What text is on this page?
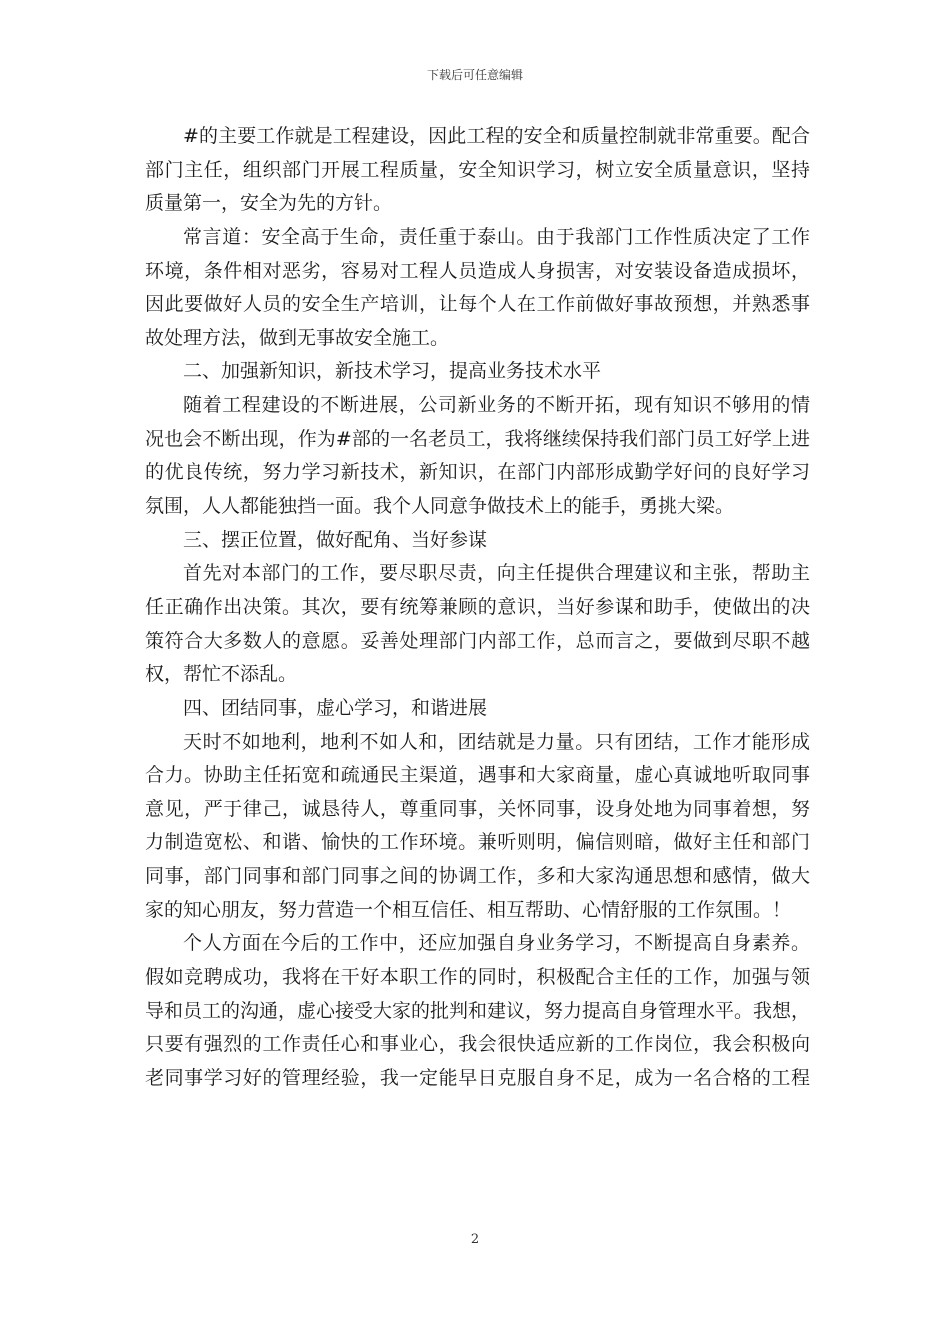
下载后可任意编辑
#的主要工作就是工程建设，因此工程的安全和质量控制就非常重要。配合
部门主任，组织部门开展工程质量，安全知识学习，树立安全质量意识，坚持
质量第一，安全为先的方针。
常言道：安全高于生命，责任重于泰山。由于我部门工作性质决定了工作
环境，条件相对恶劣，容易对工程人员造成人身损害，对安装设备造成损坏，
因此要做好人员的安全生产培训，让每个人在工作前做好事故预想，并熟悉事
故处理方法，做到无事故安全施工。
二、加强新知识，新技术学习，提高业务技术水平
随着工程建设的不断进展，公司新业务的不断开拓，现有知识不够用的情
况也会不断出现，作为#部的一名老员工，我将继续保持我们部门员工好学上进
的优良传统，努力学习新技术，新知识，在部门内部形成勤学好问的良好学习
氛围，人人都能独挡一面。我个人同意争做技术上的能手，勇挑大梁。
三、摆正位置，做好配角、当好参谋
首先对本部门的工作，要尽职尽责，向主任提供合理建议和主张，帮助主
任正确作出决策。其次，要有统筹兼顾的意识，当好参谋和助手，使做出的决
策符合大多数人的意愿。妥善处理部门内部工作，总而言之，要做到尽职不越
权，帮忙不添乱。
四、团结同事，虚心学习，和谐进展
天时不如地利，地利不如人和，团结就是力量。只有团结，工作才能形成
合力。协助主任拓宽和疏通民主渠道，遇事和大家商量，虚心真诚地听取同事
意见，严于律己，诚恳待人，尊重同事，关怀同事，设身处地为同事着想，努
力制造宽松、和谐、愉快的工作环境。兼听则明，偏信则暗，做好主任和部门
同事，部门同事和部门同事之间的协调工作，多和大家沟通思想和感情，做大
家的知心朋友，努力营造一个相互信任、相互帮助、心情舒服的工作氛围。！
个人方面在今后的工作中，还应加强自身业务学习，不断提高自身素养。
假如竞聘成功，我将在干好本职工作的同时，积极配合主任的工作，加强与领
导和员工的沟通，虚心接受大家的批判和建议，努力提高自身管理水平。我想，
只要有强烈的工作责任心和事业心，我会很快适应新的工作岗位，我会积极向
老同事学习好的管理经验，我一定能早日克服自身不足，成为一名合格的工程
2
